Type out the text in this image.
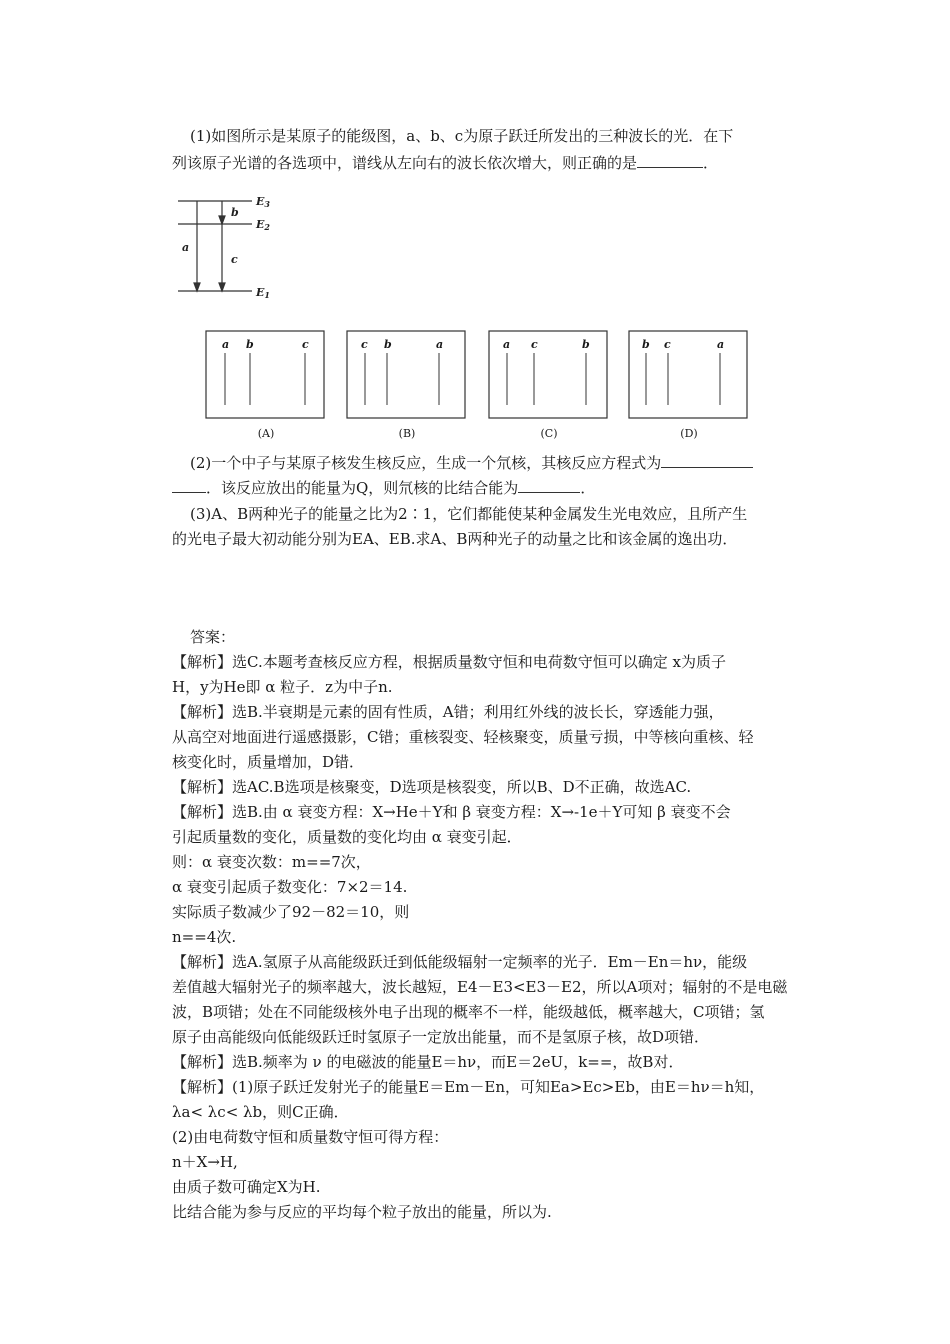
(1)如图所示是某原子的能级图，a、b、c为原子跃迁所发出的三种波长的光．在下
列该原子光谱的各选项中，谱线从左向右的波长依次增大，则正确的是	．
E3
E2
E1
b
a
c
a b	c	c b	a	a c	b	b c	a
(A)	(B)	(C)	(D)
(2)一个中子与某原子核发生核反应，生成一个氘核，其核反应方程式为
．该反应放出的能量为Q，则氘核的比结合能为	．
(3)A、B两种光子的能量之比为2∶1，它们都能使某种金属发生光电效应，且所产生
的光电子最大初动能分别为EA、EB.求A、B两种光子的动量之比和该金属的逸出功．
答案：
【解析】选C.本题考查核反应方程，根据质量数守恒和电荷数守恒可以确定 x为质子
H，y为He即 α 粒子．z为中子n.
【解析】选B.半衰期是元素的固有性质，A错；利用红外线的波长长，穿透能力强，
从高空对地面进行遥感摄影，C错；重核裂变、轻核聚变，质量亏损，中等核向重核、轻
核变化时，质量增加，D错．
【解析】选AC.B选项是核聚变，D选项是核裂变，所以B、D不正确，故选AC.
【解析】选B.由 α 衰变方程：X→He＋Y和 β 衰变方程：X→-1e＋Y可知 β 衰变不会
引起质量数的变化，质量数的变化均由 α 衰变引起．
则：α 衰变次数：m==7次，
α 衰变引起质子数变化：7×2＝14.
实际质子数减少了92－82＝10，则
n==4次.
【解析】选A.氢原子从高能级跃迁到低能级辐射一定频率的光子．Em－En＝hν，能级
差值越大辐射光子的频率越大，波长越短，E4－E3<E3－E2，所以A项对；辐射的不是电磁
波，B项错；处在不同能级核外电子出现的概率不一样，能级越低，概率越大，C项错；氢
原子由高能级向低能级跃迁时氢原子一定放出能量，而不是氢原子核，故D项错．
【解析】选B.频率为 ν 的电磁波的能量E＝hν，而E＝2eU，k==，故B对．
【解析】(1)原子跃迁发射光子的能量E＝Em－En，可知Ea>Ec>Eb，由E＝hν＝h知，
λa< λc< λb，则C正确．
(2)由电荷数守恒和质量数守恒可得方程：
n＋X→H,
由质子数可确定X为H.
比结合能为参与反应的平均每个粒子放出的能量，所以为.
